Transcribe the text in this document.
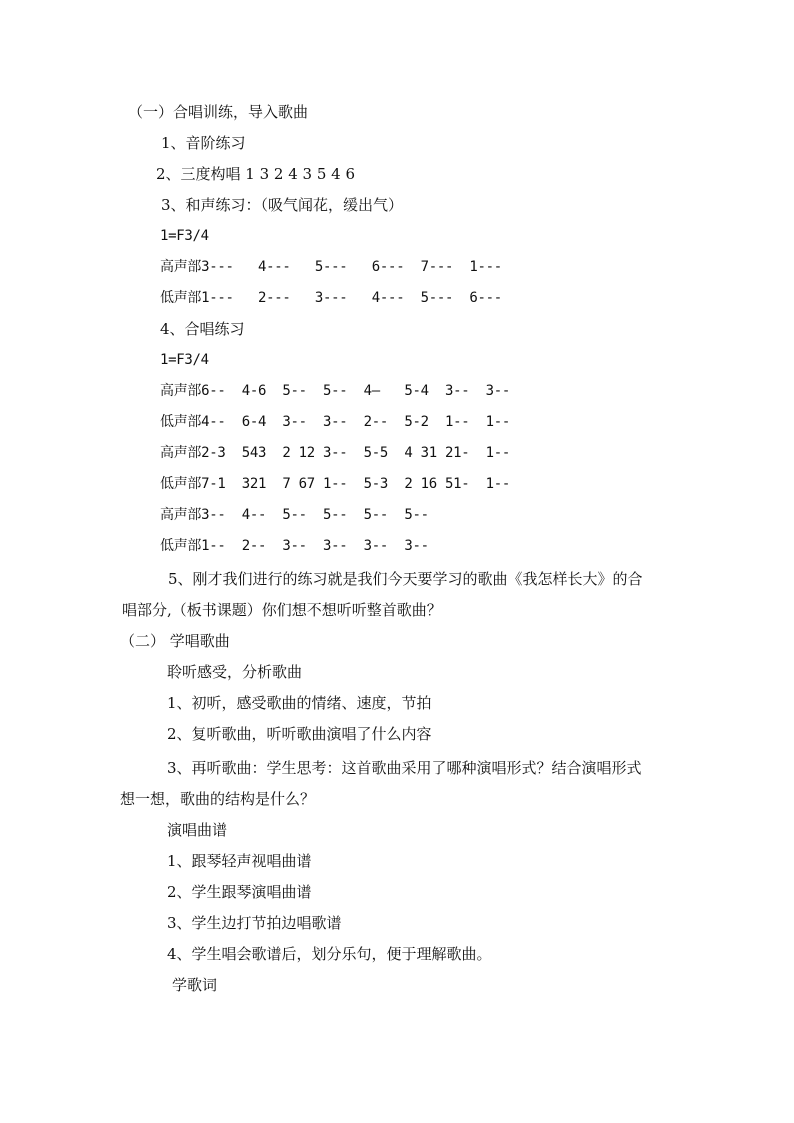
（一）合唱训练，导入歌曲
1、音阶练习
2、三度构唱 1 3 2 4 3 5 4 6
3、和声练习：（吸气闻花，缓出气）
1=F3/4
高声部3---   4---   5---   6---  7---  1---
低声部1---   2---   3---   4---  5---  6---
4、合唱练习
1=F3/4
高声部6--  4-6  5--  5--  4—   5-4  3--  3--
低声部4--  6-4  3--  3--  2--  5-2  1--  1--
高声部2-3  543  2 12 3--  5-5  4 31 21-  1--
低声部7-1  321  7 67 1--  5-3  2 16 51-  1--
高声部3--  4--  5--  5--  5--  5--
低声部1--  2--  3--  3--  3--  3--
5、刚才我们进行的练习就是我们今天要学习的歌曲《我怎样长大》的合
唱部分,（板书课题）你们想不想听听整首歌曲？
（二） 学唱歌曲
聆听感受，分析歌曲
1、初听，感受歌曲的情绪、速度，节拍
2、复听歌曲，听听歌曲演唱了什么内容
3、再听歌曲：学生思考：这首歌曲采用了哪种演唱形式？结合演唱形式
想一想，歌曲的结构是什么？
演唱曲谱
1、跟琴轻声视唱曲谱
2、学生跟琴演唱曲谱
3、学生边打节拍边唱歌谱
4、学生唱会歌谱后，划分乐句，便于理解歌曲。
学歌词
